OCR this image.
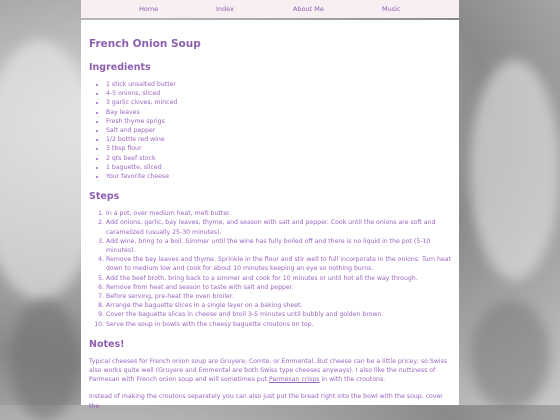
Home	Index	About Me	Music
French Onion Soup
Ingredients
• 1 stick unsalted butter
• 4-5 onions, sliced
• 3 garlic cloves, minced
• Bay leaves
• Fresh thyme sprigs
• Salt and pepper
• 1/2 bottle red wine
• 3 tbsp flour
• 2 qts beef stock
• 1 baguette, sliced
• Your favorite cheese
Steps
1. In a pot, over medium heat, melt butter.
2. Add onions, garlic, bay leaves, thyme, and season with salt and pepper. Cook until the onions are soft and caramelized (usually 25-30 minutes).
3. Add wine, bring to a boil. Simmer until the wine has fully boiled off and there is no liquid in the pot (5-10 minutes).
4. Remove the bay leaves and thyme. Sprinkle in the flour and stir well to full incorporate in the onions. Turn heat down to medium low and cook for about 10 minutes keeping an eye so nothing burns.
5. Add the beef broth, bring back to a simmer and cook for 10 minutes or until hot all the way through.
6. Remove from heat and season to taste with salt and pepper.
7. Before serving, pre-heat the oven broiler.
8. Arrange the baguette slices in a single layer on a baking sheet.
9. Cover the baguette slices in cheese and broil 3-5 minutes until bubbly and golden brown.
10. Serve the soup in bowls with the cheesy baguette croutons on top.
Notes!

Typical cheeses for French onion soup are Gruyere, Comte, or Emmental. But cheese can be a little pricey, so Swiss also works quite well (Gruyere and Emmental are both Swiss type cheeses anyways). I also like the nuttiness of Parmesan with French onion soup and will sometimes put Parmesan crisps in with the croutons.

Instead of making the croutons separately you can also just put the bread right into the bowl with the soup, cover the
